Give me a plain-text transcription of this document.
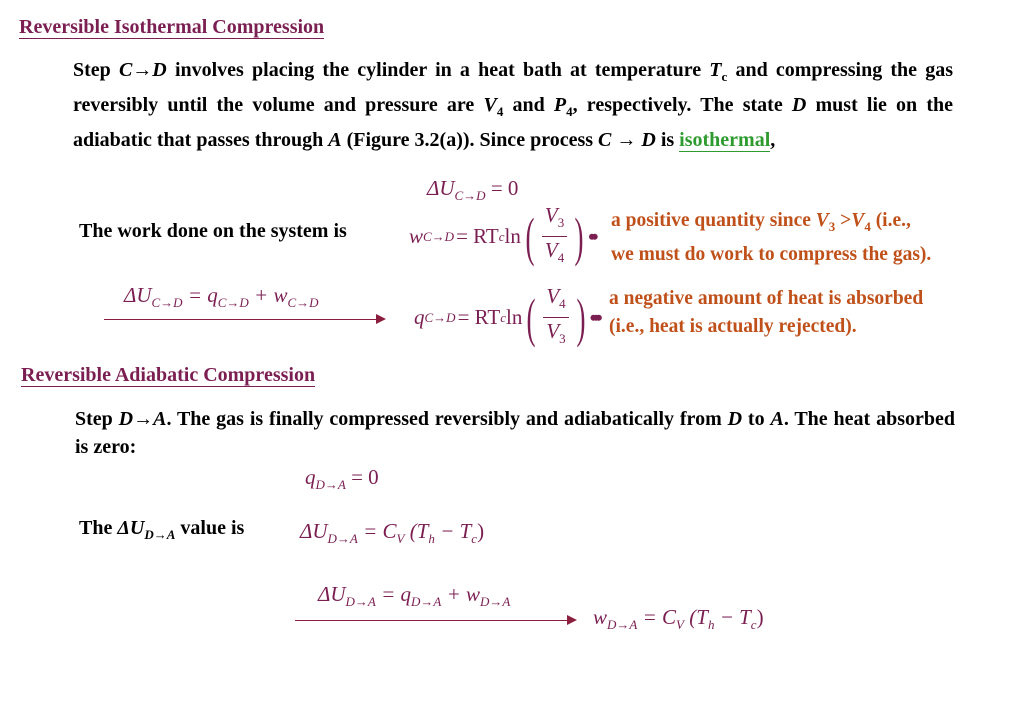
Reversible Isothermal Compression
Step C→D involves placing the cylinder in a heat bath at temperature $T_c$ and compressing the gas reversibly until the volume and pressure are $V_4$ and $P_4$, respectively. The state D must lie on the adiabatic that passes through A (Figure 3.2(a)). Since process C → D is isothermal,
$\Delta U_{C\to D} = 0$
The work done on the system is	w C→D = RT c ln ( $\frac{V_3}{V_4}$ ) ••
a positive quantity since $V_3 >V_4$ (i.e.,
we must do work to compress the gas).
$\Delta U_{C\to D} = q_{C\to D} + w_{C\to D}$
q C→D = RT c ln ( $\frac{V_4}{V_3}$ ) •••
a negative amount of heat is absorbed
(i.e., heat is actually rejected).
Reversible Adiabatic Compression
Step D→A. The gas is finally compressed reversibly and adiabatically from D to A. The heat absorbed is zero:
$q_{D\to A} = 0$
The $\Delta U_{D\to A}$ value is	$\Delta U_{D\to A} = C_V$ $(T_h - T_c)$
$\Delta U_{D\to A} = q_{D\to A} + w_{D\to A}$
$w_{D\to A} = C_V$ $(T_h - T_c)$
